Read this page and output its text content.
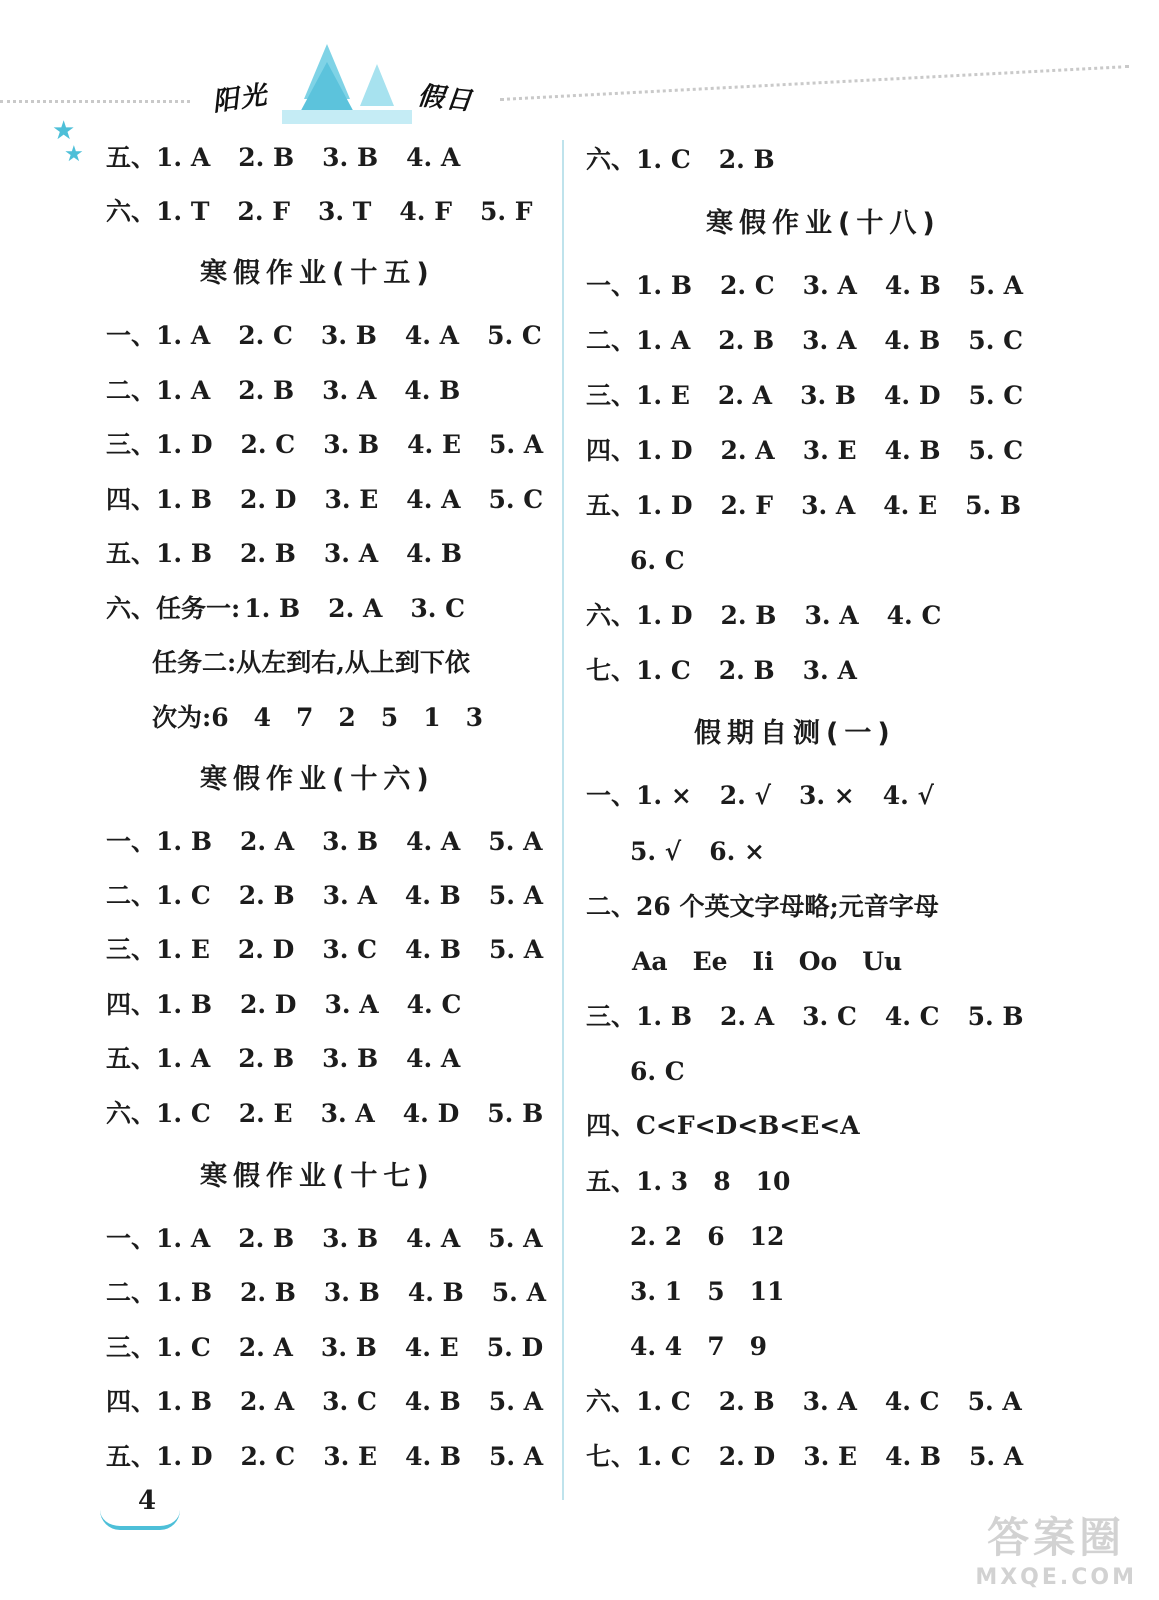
阳光	假日
★
★ 五、 1. A 2. B 3. B 4. A
六、 1. T 2. F 3. T 4. F 5. F
寒假作业(十五)
一、 1. A 2. C 3. B 4. A 5. C
二、 1. A 2. B 3. A 4. B
三、 1. D 2. C 3. B 4. E 5. A
四、 1. B 2. D 3. E 4. A 5. C
五、 1. B 2. B 3. A 4. B
六、任务一: 1. B 2. A 3. C
任务二:从左到右,从上到下依
次为:6　4　7　2　5　1　3
寒假作业(十六)
一、 1. B 2. A 3. B 4. A 5. A
二、 1. C 2. B 3. A 4. B 5. A
三、 1. E 2. D 3. C 4. B 5. A
四、 1. B 2. D 3. A 4. C
五、 1. A 2. B 3. B 4. A
六、 1. C 2. E 3. A 4. D 5. B
寒假作业(十七)
一、 1. A 2. B 3. B 4. A 5. A
二、 1. B 2. B 3. B 4. B 5. A
三、 1. C 2. A 3. B 4. E 5. D
四、 1. B 2. A 3. C 4. B 5. A
五、 1. D 2. C 3. E 4. B 5. A
六、 1. C 2. B
寒假作业(十八)
一、 1. B 2. C 3. A 4. B 5. A
二、 1. A 2. B 3. A 4. B 5. C
三、 1. E 2. A 3. B 4. D 5. C
四、 1. D 2. A 3. E 4. B 5. C
五、 1. D 2. F 3. A 4. E 5. B
6. C
六、 1. D 2. B 3. A 4. C
七、 1. C 2. B 3. A
假期自测(一)
一、 1. × 2. √ 3. × 4. √
5. √ 6. ×
二、26 个英文字母略;元音字母
Aa　Ee　Ii　Oo　Uu
三、 1. B 2. A 3. C 4. C 5. B
6. C
四、C<F<D<B<E<A
五、1. 3　8　10
2. 2　6　12
3. 1　5　11
4. 4　7　9
六、 1. C 2. B 3. A 4. C 5. A
七、 1. C 2. D 3. E 4. B 5. A
4
答案圈
MXQE.COM
